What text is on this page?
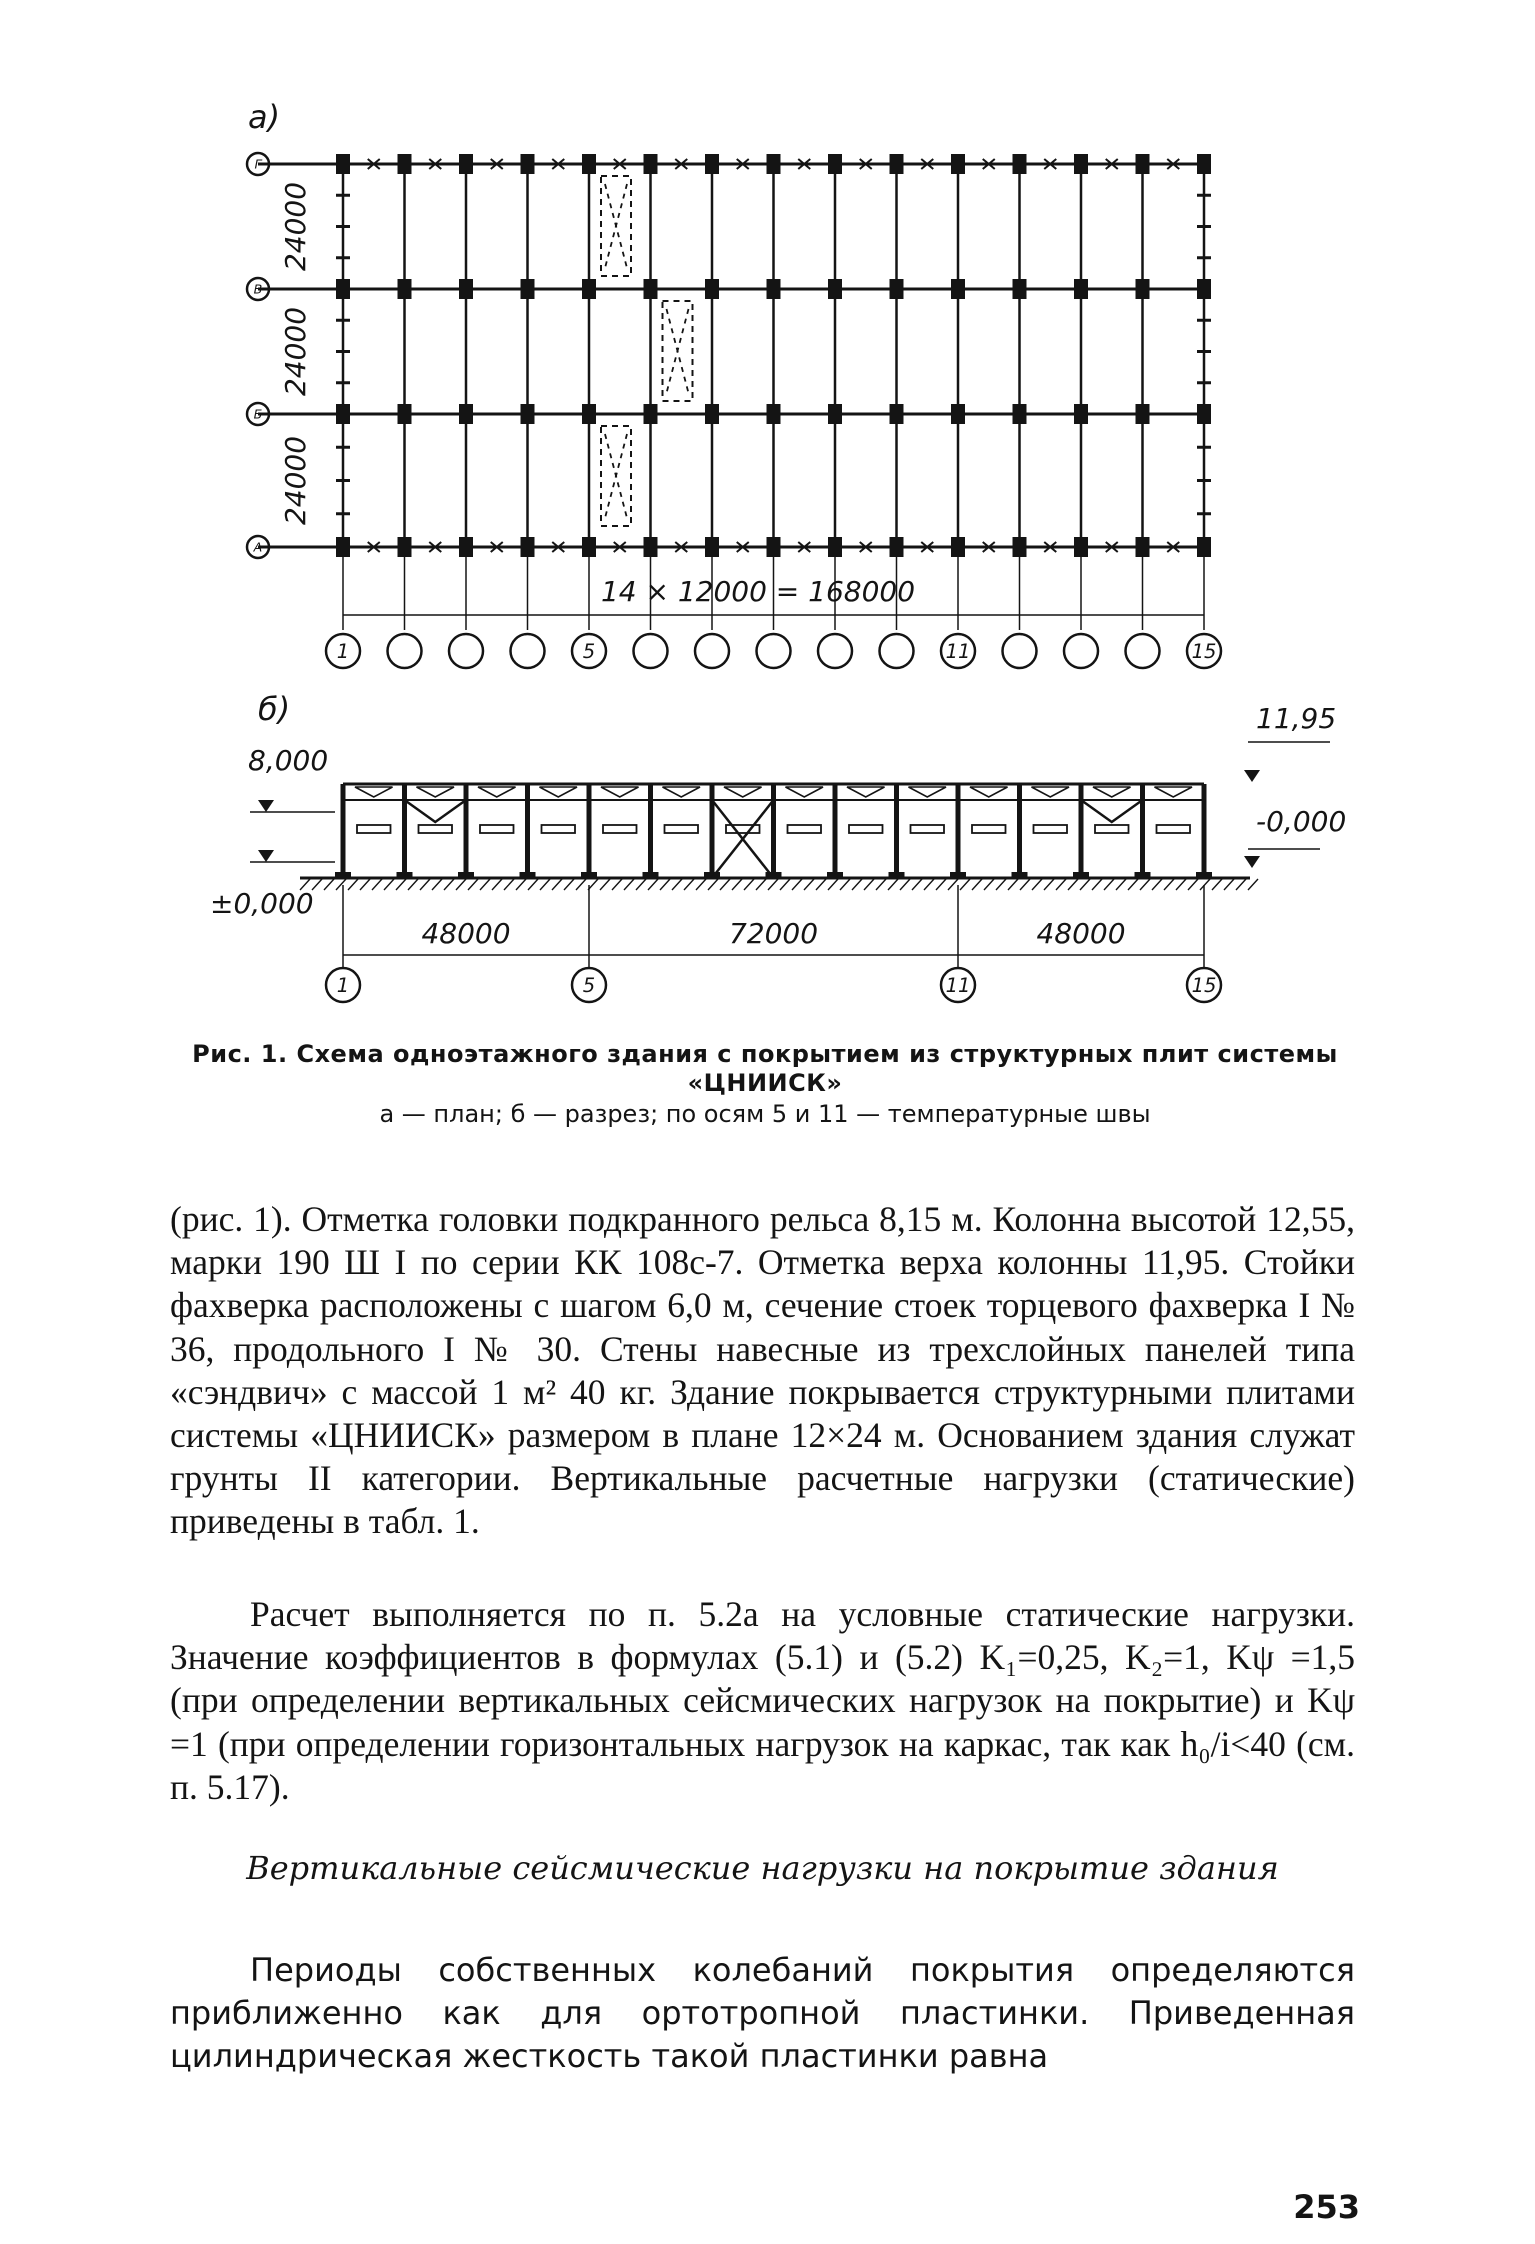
Г
В
Б
А
24000
24000
24000
а)
14 × 12000 = 168000
1	5	11	15
б)
8,000
±0,000
11,95
-0,000
48000	72000	48000
1	5	11	15
Рис. 1. Схема одноэтажного здания с покрытием из структурных плит системы «ЦНИИСК»
а — план; б — разрез; по осям 5 и 11 — температурные швы

(рис. 1). Отметка головки подкранного рельса 8,15 м. Колонна высотой 12,55, марки 190 Ш I по серии КК 108с-7. Отметка верха колонны 11,95. Стойки фахверка расположены с шагом 6,0 м, сечение стоек торцевого фахверка I № 36, продольного I № 30. Стены навесные из трехслойных панелей типа «сэндвич» с массой 1 м² 40 кг. Здание покрывается структурными плитами системы «ЦНИИСК» размером в плане 12×24 м. Основанием здания служат грунты II категории. Вертикальные расчетные нагрузки (статические) приведены в табл. 1.

Расчет выполняется по п. 5.2а на условные статические нагрузки. Значение коэффициентов в формулах (5.1) и (5.2) K₁=0,25, K₂=1, Kψ =1,5 (при определении вертикальных сейсмических нагрузок на покрытие) и Kψ =1 (при определении горизонтальных нагрузок на каркас, так как h₀/i<40 (см. п. 5.17).

Вертикальные сейсмические нагрузки на покрытие здания

Периоды собственных колебаний покрытия определяются приближенно как для ортотропной пластинки. Приведенная цилиндрическая жесткость такой пластинки равна

253
